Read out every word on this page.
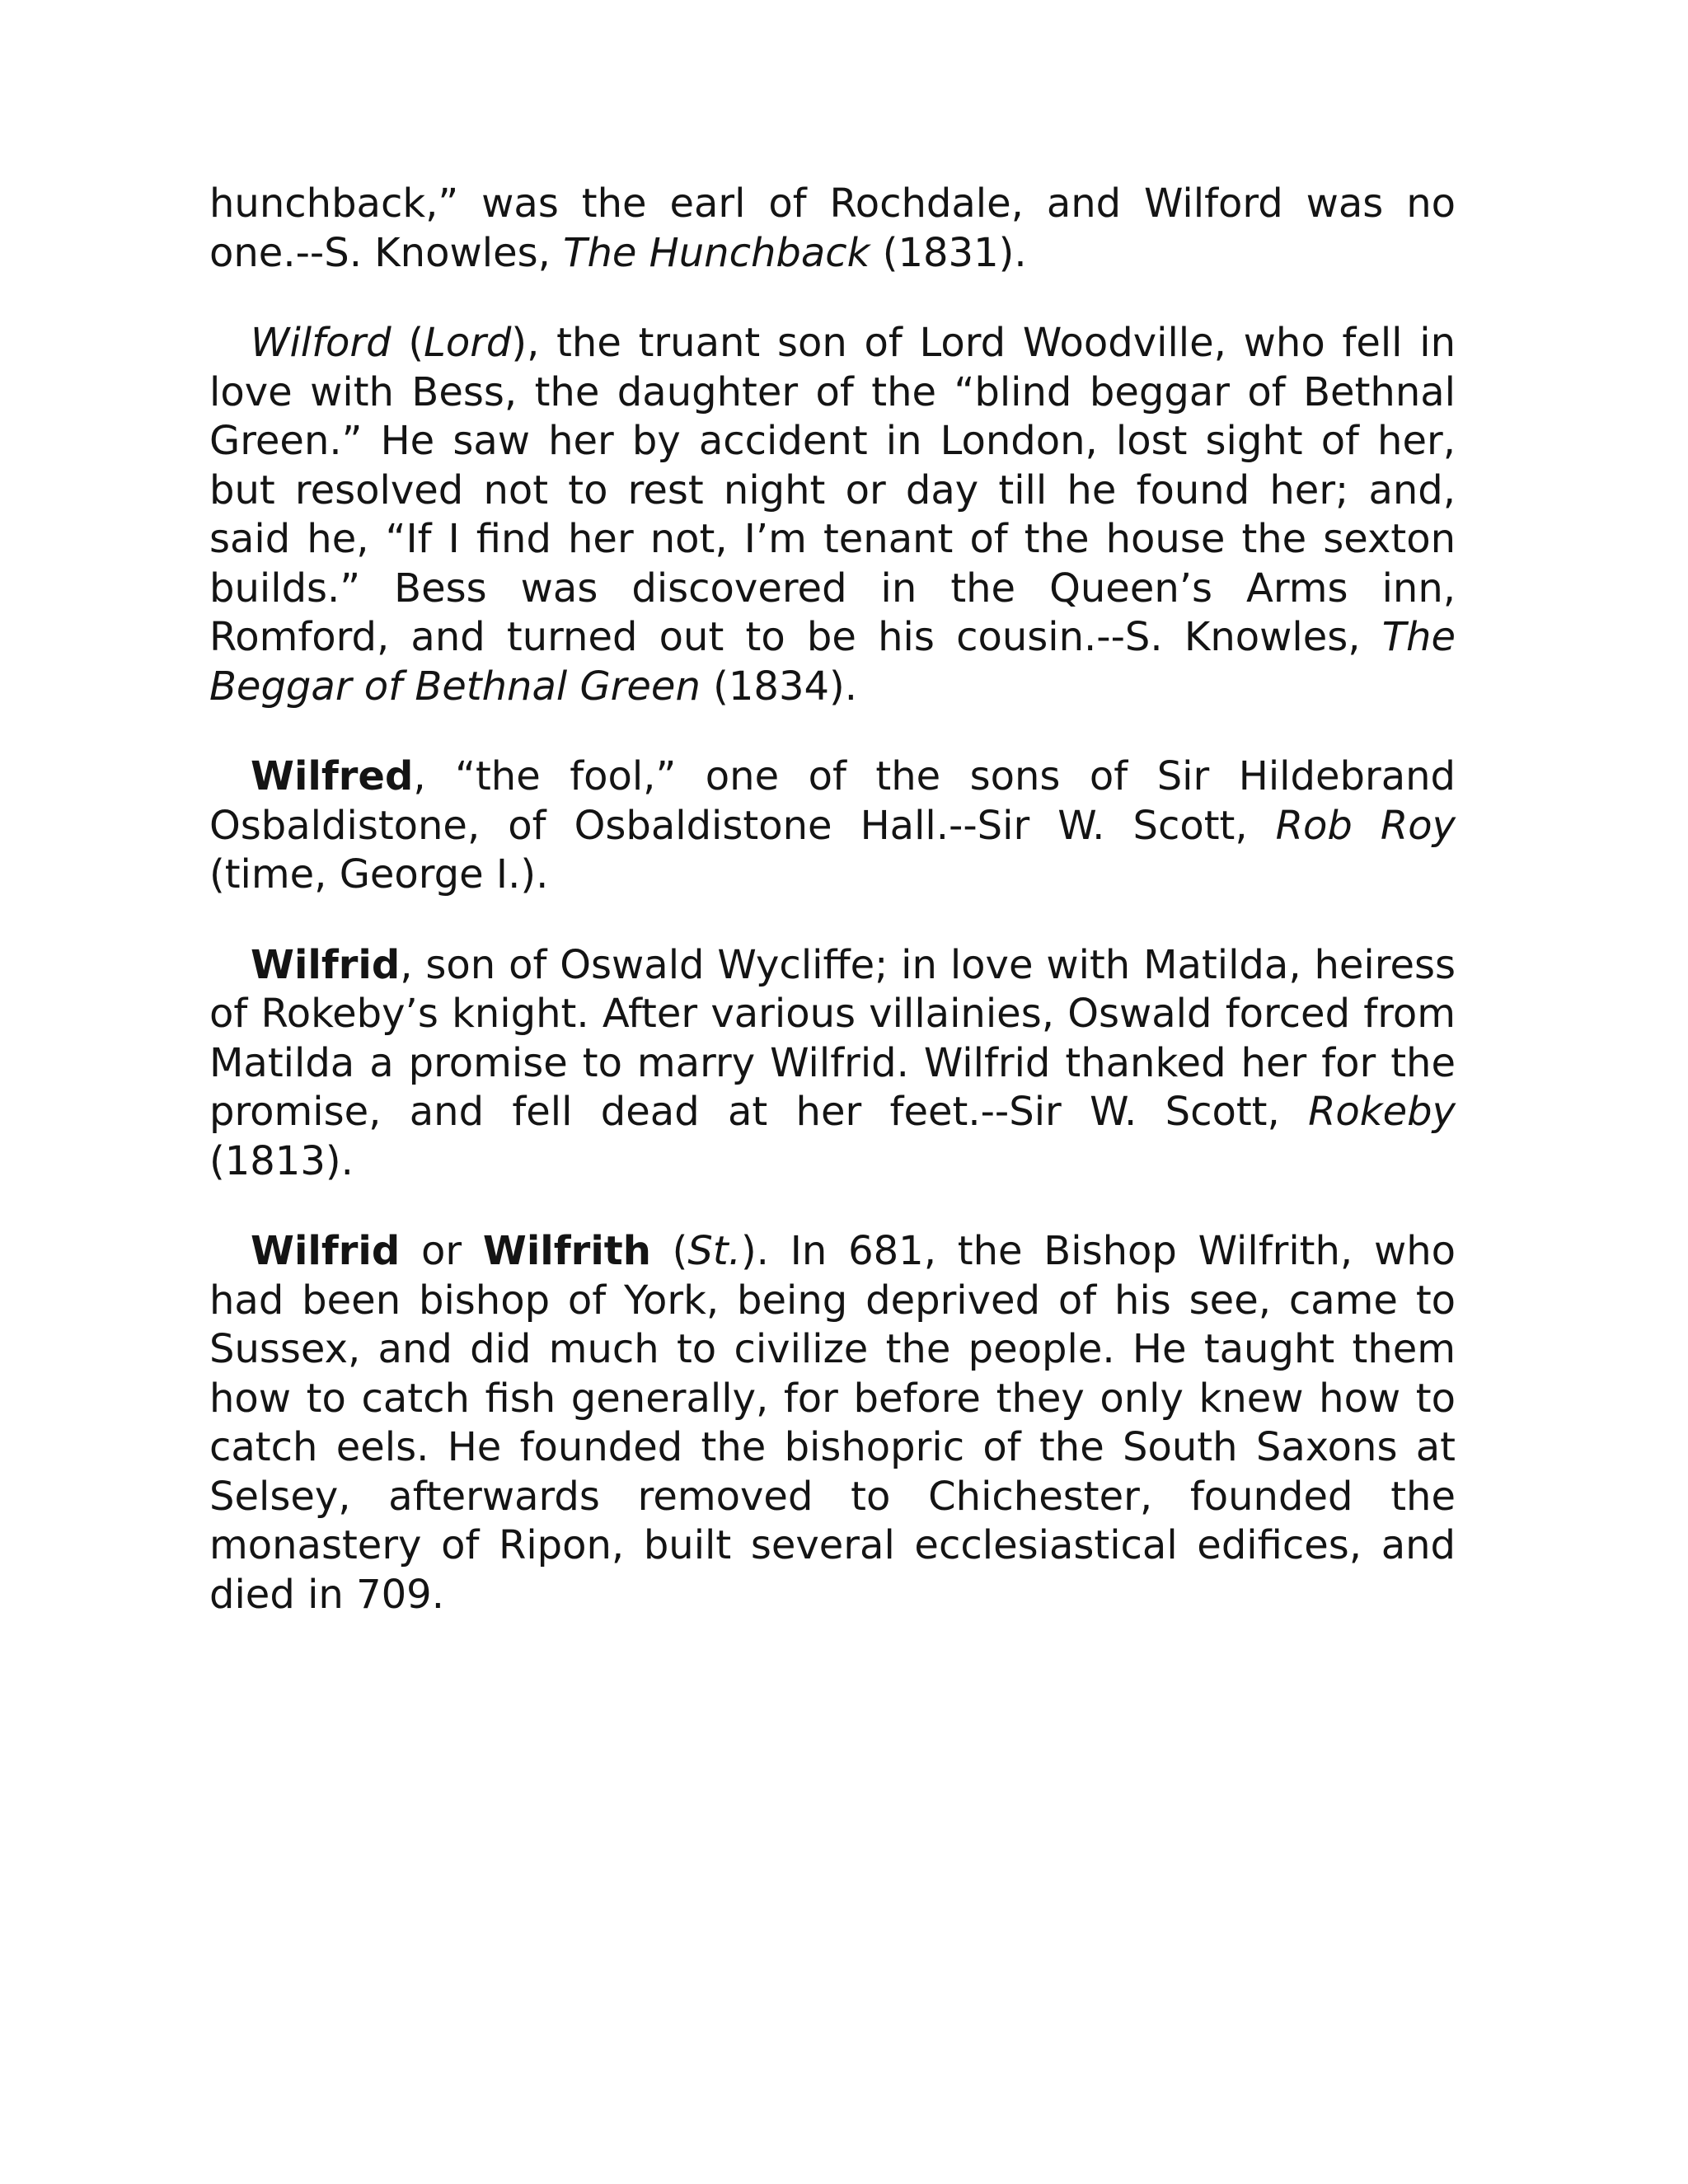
hunchback,” was the earl of Rochdale, and Wilford was no one.--S. Knowles, The Hunchback (1831).

Wilford (Lord), the truant son of Lord Woodville, who fell in love with Bess, the daughter of the “blind beggar of Bethnal Green.” He saw her by accident in London, lost sight of her, but resolved not to rest night or day till he found her; and, said he, “If I find her not, I’m tenant of the house the sexton builds.” Bess was discovered in the Queen’s Arms inn, Romford, and turned out to be his cousin.--S. Knowles, The Beggar of Bethnal Green (1834).

Wilfred, “the fool,” one of the sons of Sir Hildebrand Osbaldistone, of Osbaldistone Hall.--Sir W. Scott, Rob Roy (time, George I.).

Wilfrid, son of Oswald Wycliffe; in love with Matilda, heiress of Rokeby’s knight. After various villainies, Oswald forced from Matilda a promise to marry Wilfrid. Wilfrid thanked her for the promise, and fell dead at her feet.--Sir W. Scott, Rokeby (1813).

Wilfrid or Wilfrith (St.). In 681, the Bishop Wilfrith, who had been bishop of York, being deprived of his see, came to Sussex, and did much to civilize the people. He taught them how to catch fish generally, for before they only knew how to catch eels. He founded the bishopric of the South Saxons at Selsey, afterwards removed to Chichester, founded the monastery of Ripon, built several ecclesiastical edifices, and died in 709.
